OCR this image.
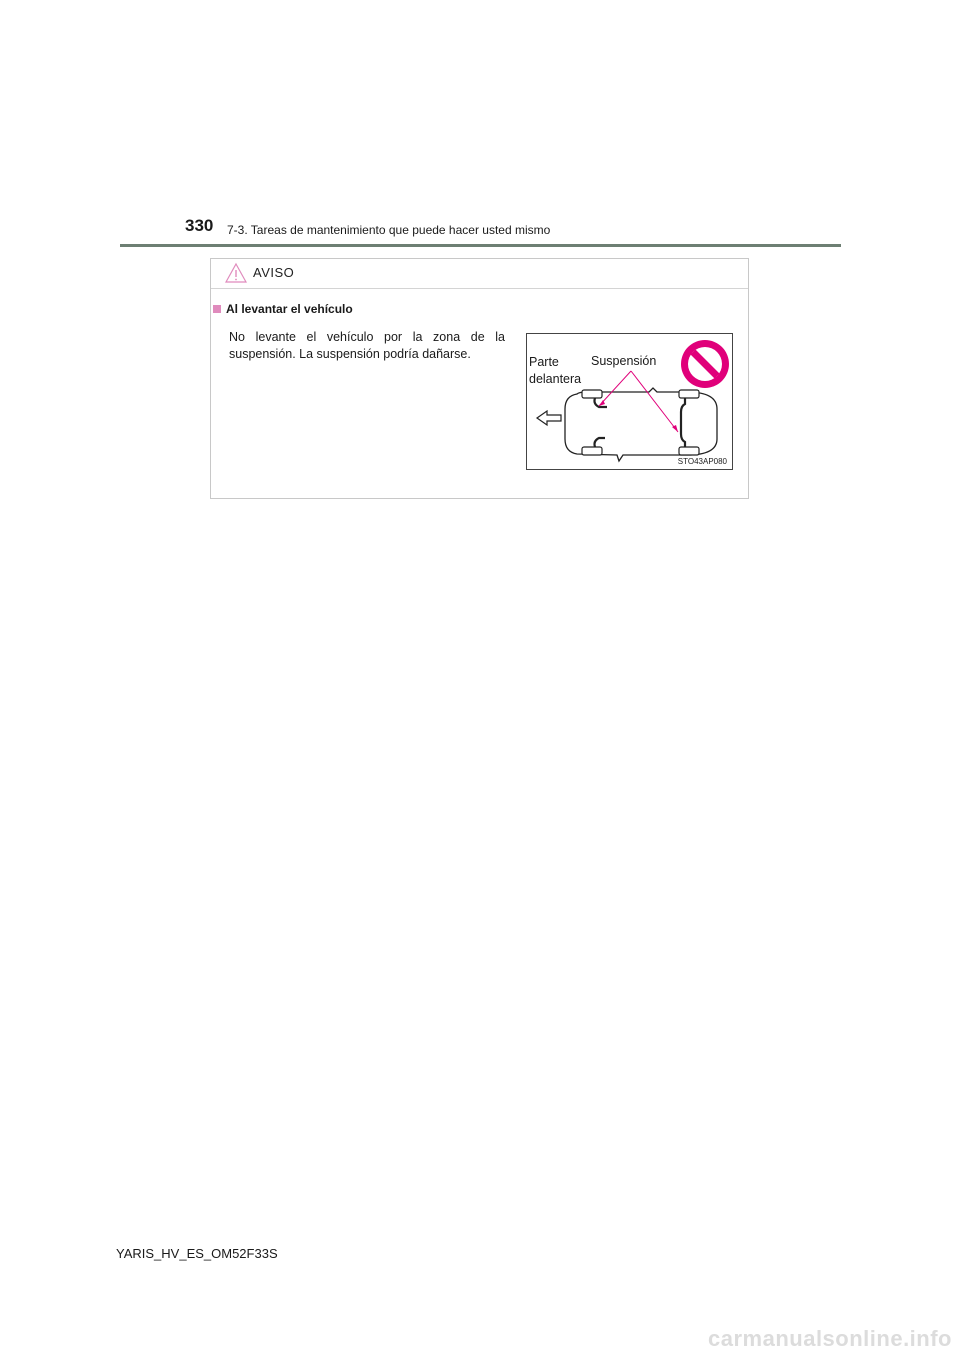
330 7-3. Tareas de mantenimiento que puede hacer usted mismo
AVISO
Al levantar el vehículo
No levante el vehículo por la zona de la suspensión. La suspensión podría dañarse.
Parte delantera
Suspensión
STO43AP080
YARIS_HV_ES_OM52F33S
carmanualsonline.info
